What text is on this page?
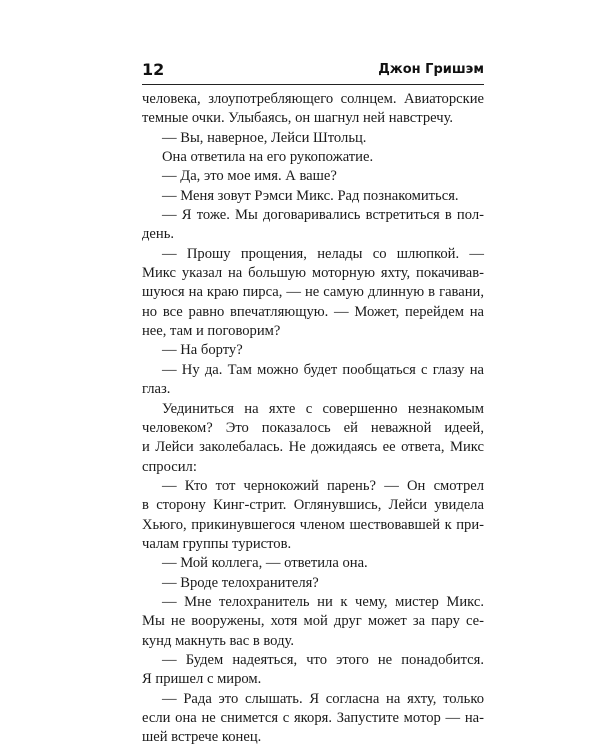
12	Джон Гришэм
человека, злоупотребляющего солнцем. Авиаторские
темные очки. Улыбаясь, он шагнул ней навстречу.
— Вы, наверное, Лейси Штольц.
Она ответила на его рукопожатие.
— Да, это мое имя. А ваше?
— Меня зовут Рэмси Микс. Рад познакомиться.
— Я тоже. Мы договаривались встретиться в пол-
день.
— Прошу прощения, нелады со шлюпкой. —
Микс указал на большую моторную яхту, покачивав-
шуюся на краю пирса, — не самую длинную в гавани,
но все равно впечатляющую. — Может, перейдем на
нее, там и поговорим?
— На борту?
— Ну да. Там можно будет пообщаться с глазу на
глаз.
Уединиться на яхте с совершенно незнакомым
человеком? Это показалось ей неважной идеей,
и Лейси заколебалась. Не дожидаясь ее ответа, Микс
спросил:
— Кто тот чернокожий парень? — Он смотрел
в сторону Кинг-стрит. Оглянувшись, Лейси увидела
Хьюго, прикинувшегося членом шествовавшей к при-
чалам группы туристов.
— Мой коллега, — ответила она.
— Вроде телохранителя?
— Мне телохранитель ни к чему, мистер Микс.
Мы не вооружены, хотя мой друг может за пару се-
кунд макнуть вас в воду.
— Будем надеяться, что этого не понадобится.
Я пришел с миром.
— Рада это слышать. Я согласна на яхту, только
если она не снимется с якоря. Запустите мотор — на-
шей встрече конец.
